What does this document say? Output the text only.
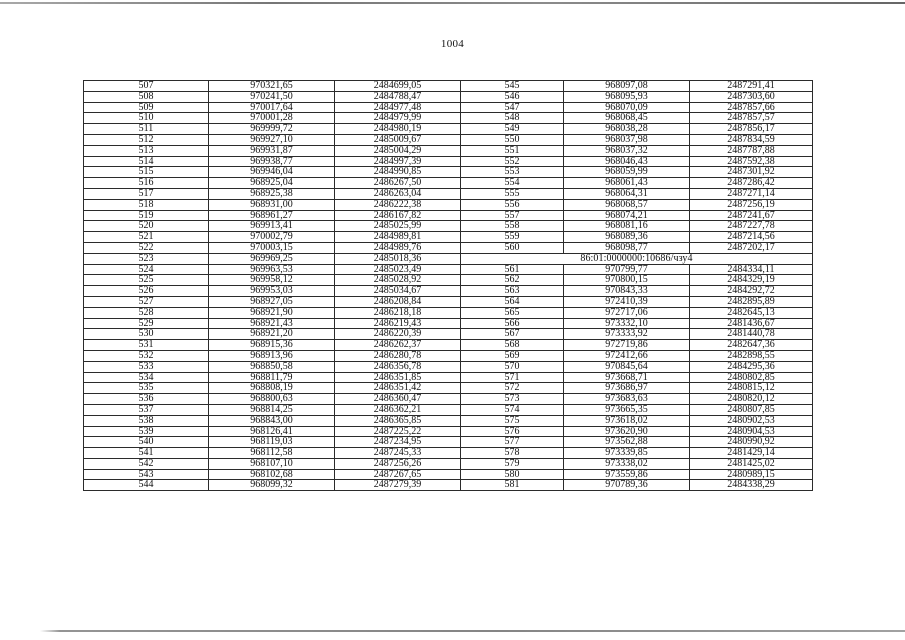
1004
507	970321,65	2484699,05	545	968097,08	2487291,41
508	970241,50	2484788,47	546	968095,93	2487303,60
509	970017,64	2484977,48	547	968070,09	2487857,66
510	970001,28	2484979,99	548	968068,45	2487857,57
511	969999,72	2484980,19	549	968038,28	2487856,17
512	969927,10	2485009,67	550	968037,98	2487834,59
513	969931,87	2485004,29	551	968037,32	2487787,88
514	969938,77	2484997,39	552	968046,43	2487592,38
515	969946,04	2484990,85	553	968059,99	2487301,92
516	968925,04	2486267,50	554	968061,43	2487286,42
517	968925,38	2486263,04	555	968064,31	2487271,14
518	968931,00	2486222,38	556	968068,57	2487256,19
519	968961,27	2486167,82	557	968074,21	2487241,67
520	969913,41	2485025,99	558	968081,16	2487227,78
521	970002,79	2484989,81	559	968089,36	2487214,56
522	970003,15	2484989,76	560	968098,77	2487202,17
523	969969,25	2485018,36	86:01:0000000:10686/чзу4		
524	969963,53	2485023,49	561	970799,77	2484334,11
525	969958,12	2485028,92	562	970800,15	2484329,19
526	969953,03	2485034,67	563	970843,33	2484292,72
527	968927,05	2486208,84	564	972410,39	2482895,89
528	968921,90	2486218,18	565	972717,06	2482645,13
529	968921,43	2486219,43	566	973332,10	2481436,67
530	968921,20	2486220,39	567	973333,92	2481440,78
531	968915,36	2486262,37	568	972719,86	2482647,36
532	968913,96	2486280,78	569	972412,66	2482898,55
533	968850,58	2486356,78	570	970845,64	2484295,36
534	968811,79	2486351,85	571	973668,71	2480802,85
535	968808,19	2486351,42	572	973686,97	2480815,12
536	968800,63	2486360,47	573	973683,63	2480820,12
537	968814,25	2486362,21	574	973665,35	2480807,85
538	968843,00	2486365,85	575	973618,02	2480902,53
539	968126,41	2487225,22	576	973620,90	2480904,53
540	968119,03	2487234,95	577	973562,88	2480990,92
541	968112,58	2487245,33	578	973339,85	2481429,14
542	968107,10	2487256,26	579	973338,02	2481425,02
543	968102,68	2487267,65	580	973559,86	2480989,15
544	968099,32	2487279,39	581	970789,36	2484338,29
